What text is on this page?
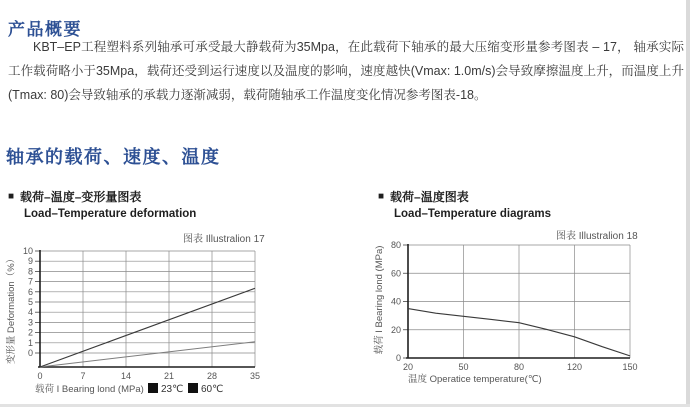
产品概要

KBT–EP工程塑料系列轴承可承受最大静载荷为35Mpa，在此载荷下轴承的最大压缩变形量参考图表 – 17， 轴承实际工作载荷略小于35Mpa，载荷还受到运行速度以及温度的影响，速度越快(Vmax: 1.0m/s)会导致摩擦温度上升，而温度上升(Tmax: 80)会导致轴承的承载力逐渐减弱，载荷随轴承工作温度变化情况参考图表-18。

轴承的载荷、速度、温度
■ 载荷–温度–变形量图表
Load–Temperature deformation
■ 载荷–温度图表
Load–Temperature diagrams
图表 Illustralion 17	图表 Illustralion 18
0	7	14	21	28	35
10
9
8
7
6
5
4
3
2
1
0
载荷 I Bearing lond (MPa)
变形量 Deformation（%）
23℃ 60℃
20	50	80	120	150
80
60
40
20
0
温度 Operatice temperature(℃)
载荷 I Bearing lond (MPa)
